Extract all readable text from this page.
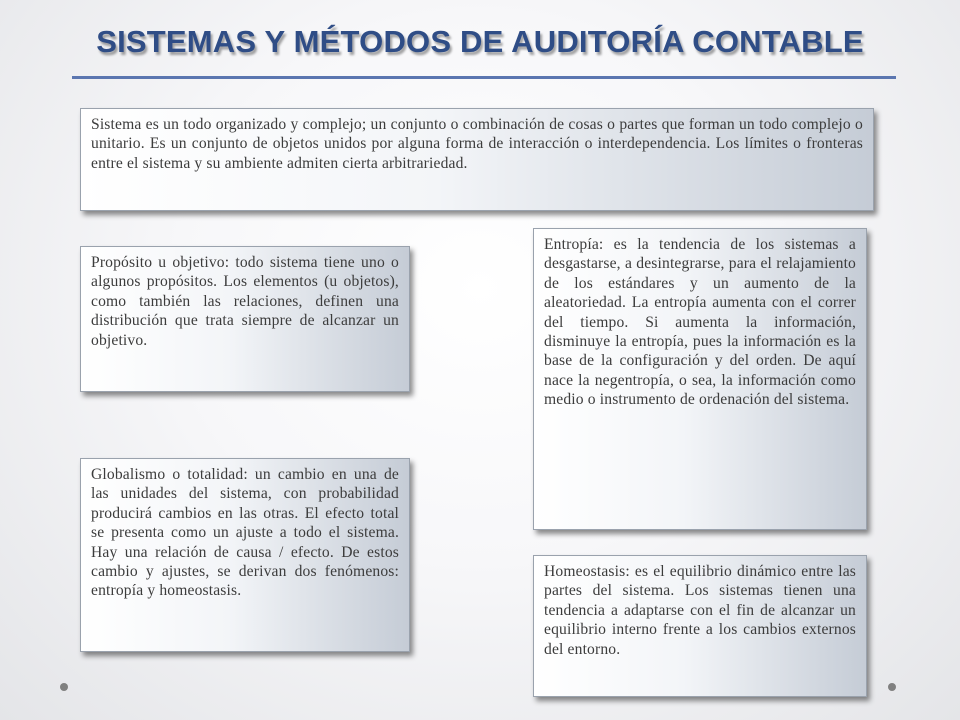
SISTEMAS Y MÉTODOS DE AUDITORÍA CONTABLE
Sistema es un todo organizado y complejo; un conjunto o combinación de cosas o partes que forman un todo complejo o unitario. Es un conjunto de objetos unidos por alguna forma de interacción o interdependencia. Los límites o fronteras entre el sistema y su ambiente admiten cierta arbitrariedad.
Propósito u objetivo: todo sistema tiene uno o algunos propósitos. Los elementos (u objetos), como también las relaciones, definen una distribución que trata siempre de alcanzar un objetivo.
Entropía: es la tendencia de los sistemas a desgastarse, a desintegrarse, para el relajamiento de los estándares y un aumento de la aleatoriedad. La entropía aumenta con el correr del tiempo. Si aumenta la información, disminuye la entropía, pues la información es la base de la configuración y del orden. De aquí nace la negentropía, o sea, la información como medio o instrumento de ordenación del sistema.
Globalismo o totalidad: un cambio en una de las unidades del sistema, con probabilidad producirá cambios en las otras. El efecto total se presenta como un ajuste a todo el sistema. Hay una relación de causa / efecto. De estos cambio y ajustes, se derivan dos fenómenos: entropía y homeostasis.
Homeostasis: es el equilibrio dinámico entre las partes del sistema. Los sistemas tienen una tendencia a adaptarse con el fin de alcanzar un equilibrio interno frente a los cambios externos del entorno.
